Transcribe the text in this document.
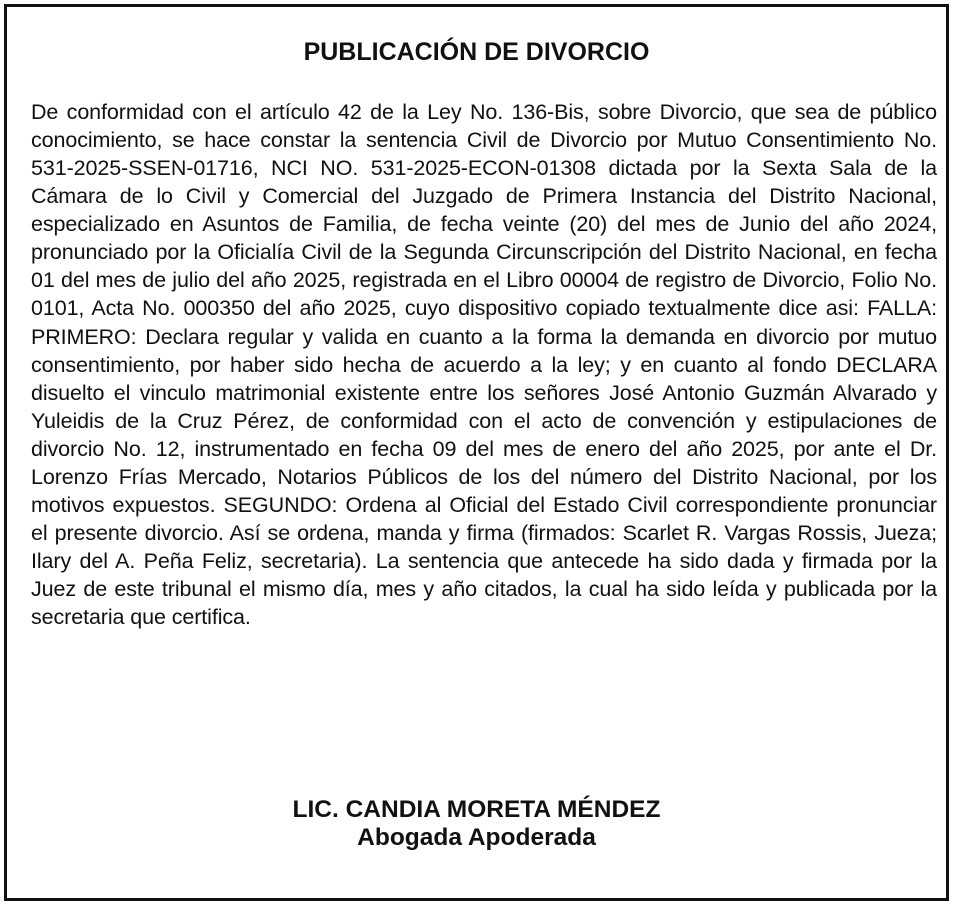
PUBLICACIÓN DE DIVORCIO

De conformidad con el artículo 42 de la Ley No. 136-Bis, sobre Divorcio, que sea de público conocimiento, se hace constar la sentencia Civil de Divorcio por Mutuo Consentimiento No. 531-2025-SSEN-01716, NCI NO. 531-2025-ECON-01308 dictada por la Sexta Sala de la Cámara de lo Civil y Comercial del Juzgado de Primera Instancia del Distrito Nacional, especializado en Asuntos de Familia, de fecha veinte (20) del mes de Junio del año 2024, pronunciado por la Oficialía Civil de la Segunda Circunscripción del Distrito Nacional, en fecha 01 del mes de julio del año 2025, registrada en el Libro 00004 de registro de Divorcio, Folio No. 0101, Acta No. 000350 del año 2025, cuyo dispositivo copiado textualmente dice asi: FALLA: PRIMERO: Declara regular y valida en cuanto a la forma la demanda en divorcio por mutuo consentimiento, por haber sido hecha de acuerdo a la ley; y en cuanto al fondo DECLARA disuelto el vinculo matrimonial existente entre los señores José Antonio Guzmán Alvarado y Yuleidis de la Cruz Pérez, de conformidad con el acto de convención y estipulaciones de divorcio No. 12, instrumentado en fecha 09 del mes de enero del año 2025, por ante el Dr. Lorenzo Frías Mercado, Notarios Públicos de los del número del Distrito Nacional, por los motivos expuestos. SEGUNDO: Ordena al Oficial del Estado Civil correspondiente pronunciar el presente divorcio. Así se ordena, manda y firma (firmados: Scarlet R. Vargas Rossis, Jueza; Ilary del A. Peña Feliz, secretaria). La sentencia que antecede ha sido dada y firmada por la Juez de este tribunal el mismo día, mes y año citados, la cual ha sido leída y publicada por la secretaria que certifica.

LIC. CANDIA MORETA MÉNDEZ
Abogada Apoderada
